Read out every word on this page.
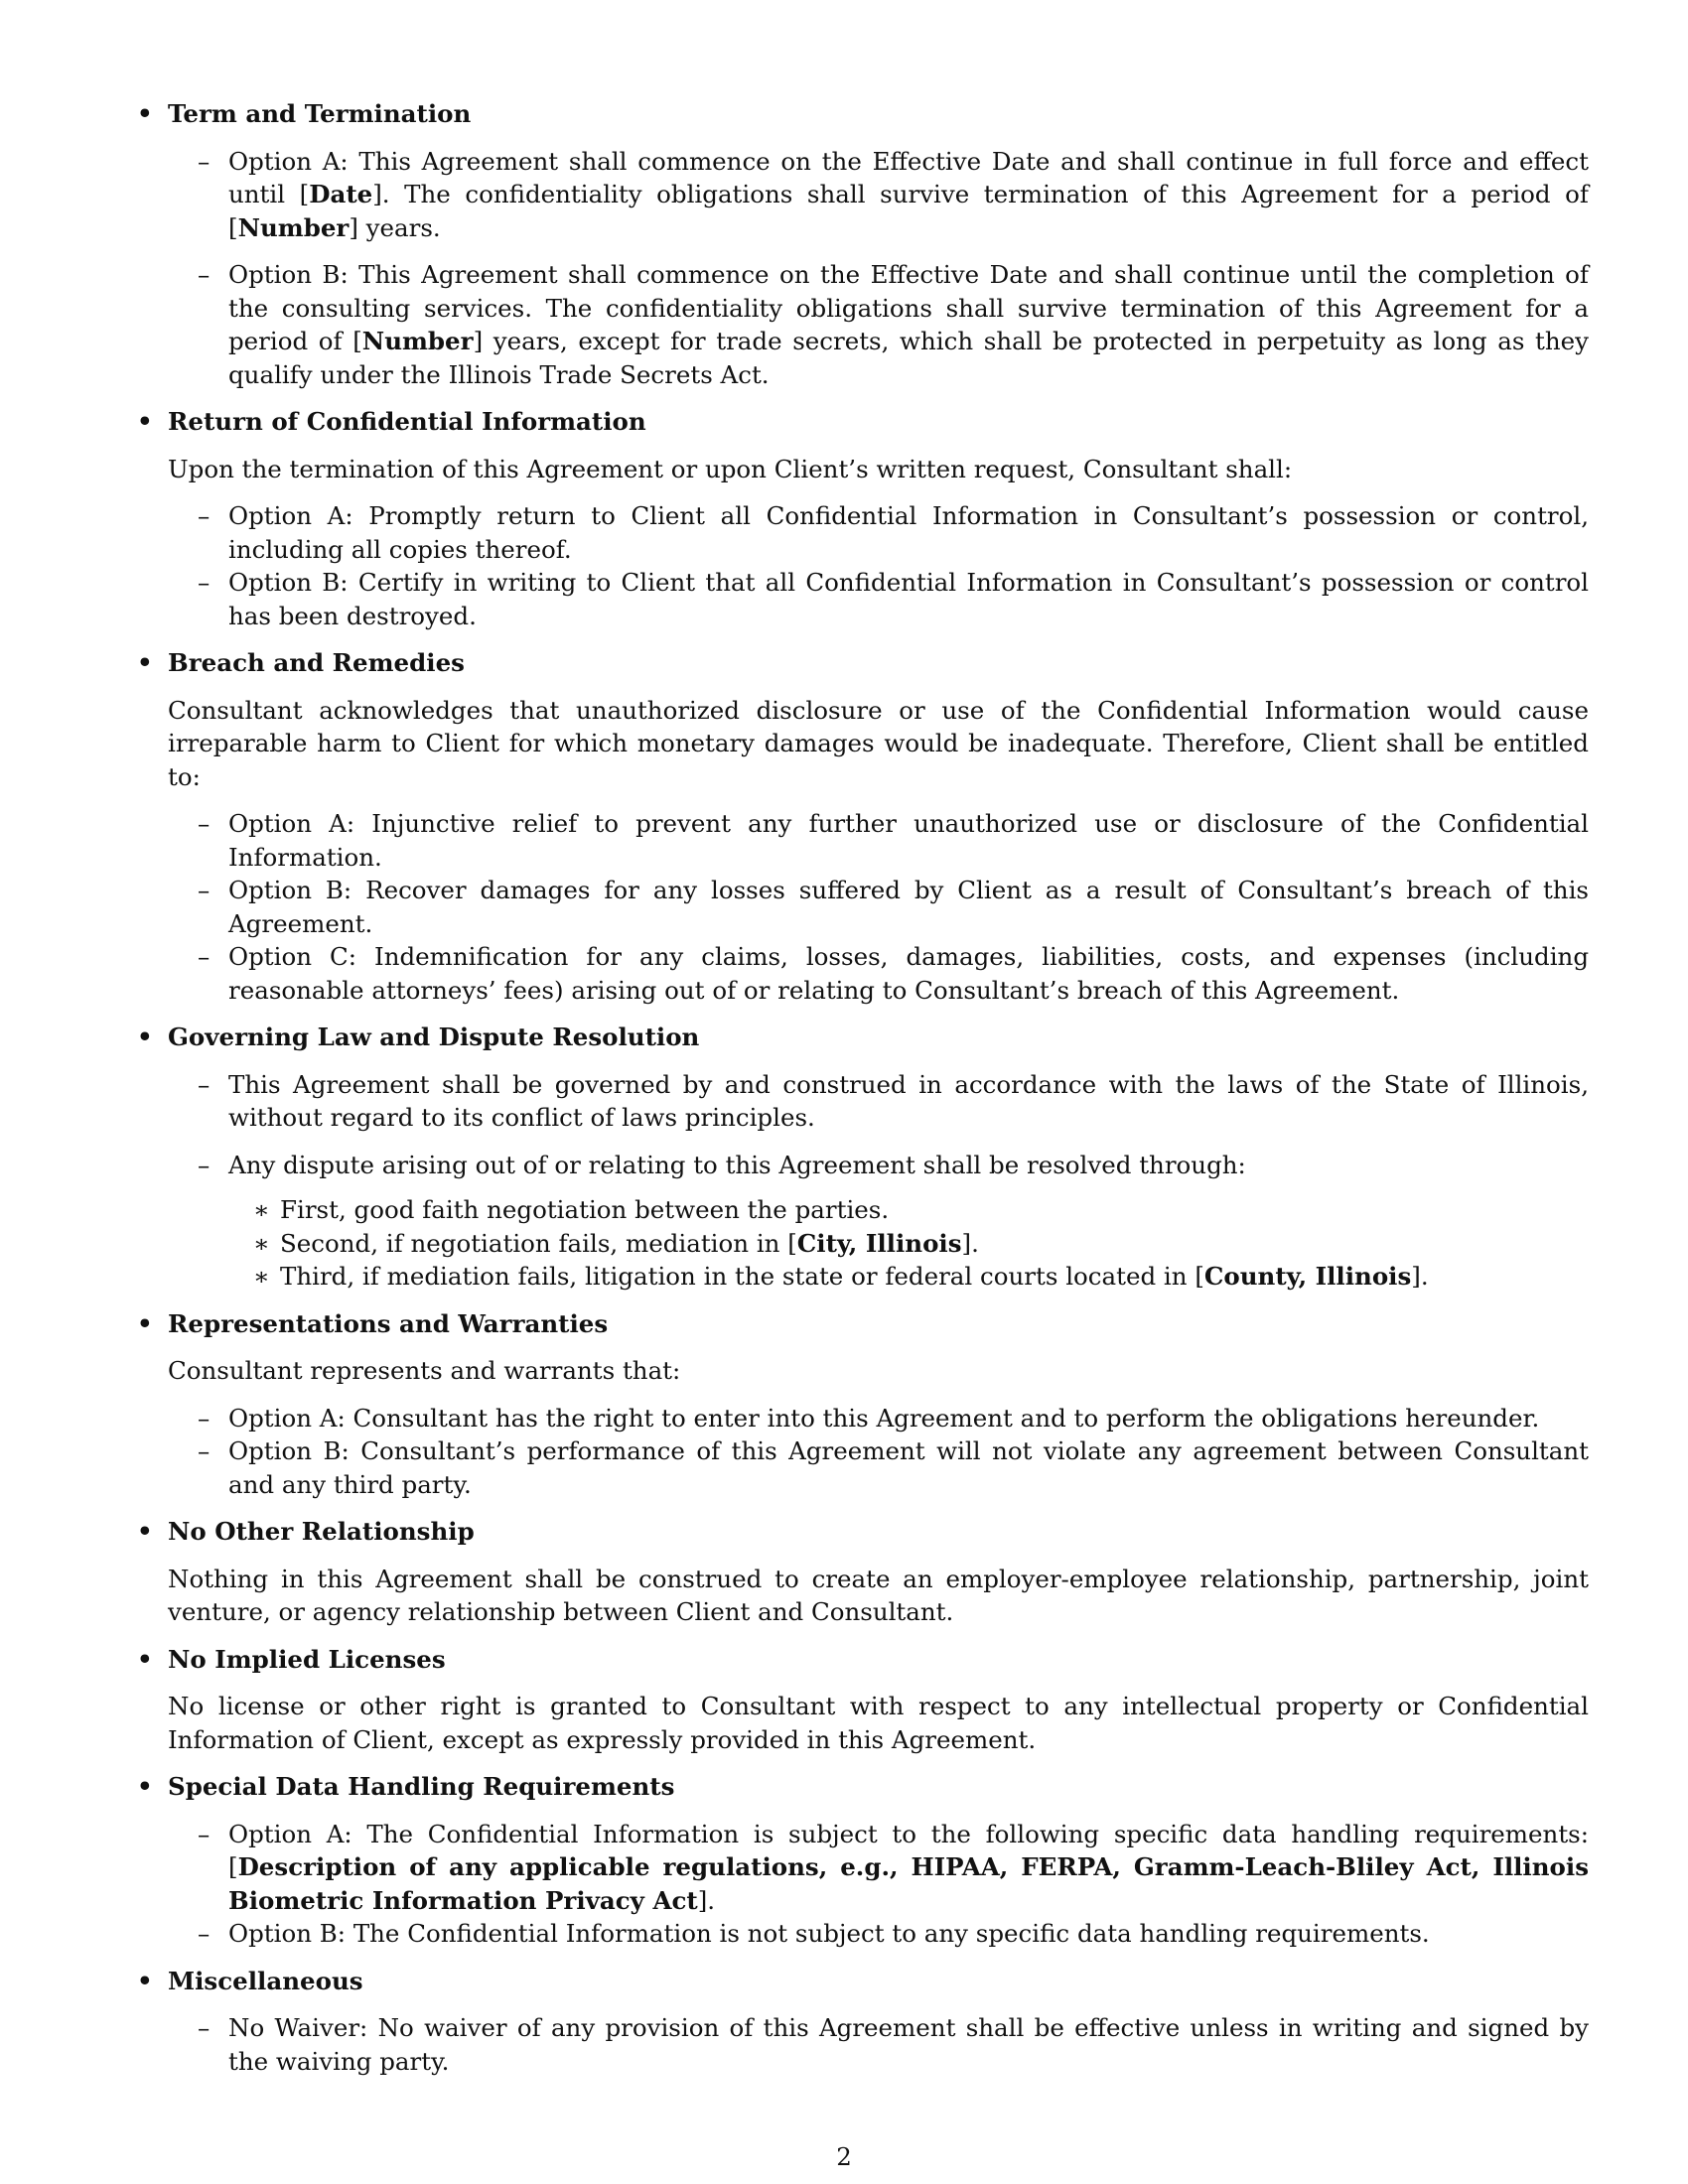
• Term and Termination
– Option A: This Agreement shall commence on the Effective Date and shall continue in full force and effect until [Date]. The confidentiality obligations shall survive termination of this Agreement for a period of [Number] years.
– Option B: This Agreement shall commence on the Effective Date and shall continue until the completion of the consulting services. The confidentiality obligations shall survive termination of this Agreement for a period of [Number] years, except for trade secrets, which shall be protected in perpetuity as long as they qualify under the Illinois Trade Secrets Act.
• Return of Confidential Information
Upon the termination of this Agreement or upon Client’s written request, Consultant shall:
– Option A: Promptly return to Client all Confidential Information in Consultant’s possession or control, including all copies thereof.
– Option B: Certify in writing to Client that all Confidential Information in Consultant’s possession or control has been destroyed.
• Breach and Remedies
Consultant acknowledges that unauthorized disclosure or use of the Confidential Information would cause irreparable harm to Client for which monetary damages would be inadequate. Therefore, Client shall be entitled to:
– Option A: Injunctive relief to prevent any further unauthorized use or disclosure of the Confidential Information.
– Option B: Recover damages for any losses suffered by Client as a result of Consultant’s breach of this Agreement.
– Option C: Indemnification for any claims, losses, damages, liabilities, costs, and expenses (including reasonable attorneys’ fees) arising out of or relating to Consultant’s breach of this Agreement.
• Governing Law and Dispute Resolution
– This Agreement shall be governed by and construed in accordance with the laws of the State of Illinois, without regard to its conflict of laws principles.
– Any dispute arising out of or relating to this Agreement shall be resolved through:
∗ First, good faith negotiation between the parties.
∗ Second, if negotiation fails, mediation in [City, Illinois].
∗ Third, if mediation fails, litigation in the state or federal courts located in [County, Illinois].
• Representations and Warranties
Consultant represents and warrants that:
– Option A: Consultant has the right to enter into this Agreement and to perform the obligations hereunder.
– Option B: Consultant’s performance of this Agreement will not violate any agreement between Consultant and any third party.
• No Other Relationship
Nothing in this Agreement shall be construed to create an employer-employee relationship, partnership, joint venture, or agency relationship between Client and Consultant.
• No Implied Licenses
No license or other right is granted to Consultant with respect to any intellectual property or Confidential Information of Client, except as expressly provided in this Agreement.
• Special Data Handling Requirements
– Option A: The Confidential Information is subject to the following specific data handling requirements: [Description of any applicable regulations, e.g., HIPAA, FERPA, Gramm-Leach-Bliley Act, Illinois Biometric Information Privacy Act].
– Option B: The Confidential Information is not subject to any specific data handling requirements.
• Miscellaneous
– No Waiver: No waiver of any provision of this Agreement shall be effective unless in writing and signed by the waiving party.
2
